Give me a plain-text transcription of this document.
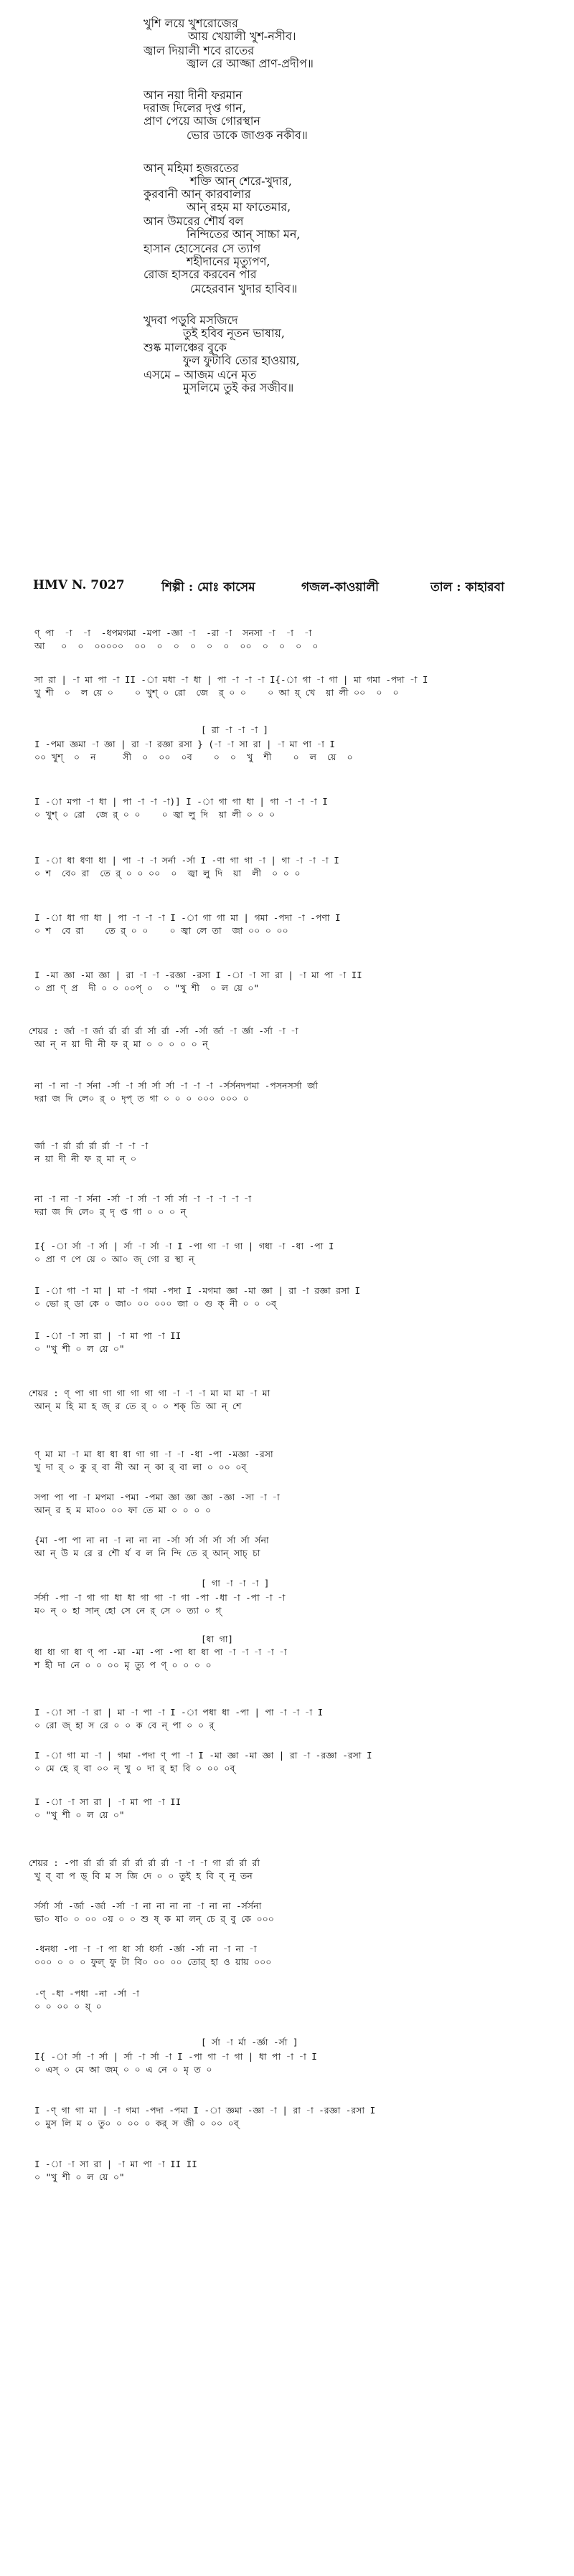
খুশি লয়ে খুশরোজের
আয় খেয়ালী খুশ-নসীব।
জ্বাল দিয়ালী শবে রাতের
জ্বাল রে আজ্জা প্রাণ-প্রদীপ॥
আন নয়া দীনী ফরমান
দরাজ দিলের দৃপ্ত গান,
প্রাণ পেয়ে আজ গোরস্থান
ভোর ডাকে জাগুক নকীব॥
আন্ মহিমা হজরতের
শক্তি আন্ শেরে-খুদার,
কুরবানী আন্ কারবালার
আন্ রহম মা ফাতেমার,
আন উমরের শৌর্য বল
নিন্দিতের আন্ সাচ্চা মন,
হাসান হোসেনের সে ত্যাগ
শহীদানের মৃত্যুপণ,
রোজ হাসরে করবেন পার
মেহেরবান খুদার হাবিব॥
খুদবা পড়ুবি মসজিদে
তুই হবিব নূতন ভাষায়,
শুষ্ক মালঞ্চের বুকে
ফুল ফুটাবি তোর হাওয়ায়,
এসমে – আজম এনে মৃত
মুসলিমে তুই কর সজীব॥
HMV N. 7027	শিল্পী : মোঃ কাসেম	গজল-কাওয়ালী	তাল : কাহারবা
ণ্ পা  -া  -া  -ধপমগমা -মপা -জ্ঞা -া  -রা -া  সনসা -া  -া  -া
আ   ০  ০  ০০০০০  ০০  ০  ০  ০  ০  ০  ০০  ০  ০  ০  ০
সা রা | -া মা পা -া II -া মধা -া ধা | পা -া -া -া I{-া গা -া গা | মা গমা -পদা -া I
খু শী  ০  ল য়ে ০    ০ খুশ্ ০ রো  জে  র্ ০ ০    ০ আ য়্ খে  য়া লী ০০  ০  ০
[ রা -া -া -া ]
I -পমা জ্ঞমা -া জ্ঞা | রা -া রজ্ঞা রসা } (-া -া সা রা | -া মা পা -া I
০০ খুশ্  ০  ন     সী  ০  ০০  ০ব    ০  ০  খু  শী    ০  ল  য়ে  ০
I -া মপা -া ধা | পা -া -া -া)] I -া গা গা ধা | গা -া -া -া I
০ খুশ্ ০ রো  জে র্ ০ ০    ০ জ্বা লু দি  য়া লী ০ ০ ০
I -া ধা ধণা ধা | পা -া -া সর্না -র্সা I -ণা গা গা -া | গা -া -া -া I
০ শ  বে০ রা  তে র্ ০ ০ ০০  ০  জ্বা লু দি  য়া  লী  ০ ০ ০
I -া ধা গা ধা | পা -া -া -া I -া গা গা মা | গমা -পদা -া -পণা I
০ শ  বে রা    তে র্ ০ ০    ০ জ্বা লে তা  জা ০০ ০ ০০
I -মা জ্ঞা -মা জ্ঞা | রা -া -া -রজ্ঞা -রসা I -া -া সা রা | -া মা পা -া II
০ প্রা ণ্ প্র  দী ০ ০ ০০প্ ০  ০ "খু শী  ০ ল য়ে ০"
শেয়র : র্জা -া র্জা র্রা র্রা র্রা র্সা র্রা -র্সা -র্সা র্জা -া র্জ্ঞা -র্সা -া -া
আ ন্ ন য়া দী নী ফ র্ মা ০ ০ ০ ০ ০ ন্
না -া না -া র্সনা -র্সা -া র্সা র্সা র্সা -া -া -া -র্সর্সনদপমা -পসনসর্সা র্জা
দরা জ দি লে০ র্ ০ দৃপ্ ত গা ০ ০ ০ ০০০ ০০০ ০
র্জা -া র্রা র্রা র্রা র্রা -া -া -া
ন য়া দী নী ফ র্ মা ন্ ০
না -া না -া র্সনা -র্সা -া র্সা -া র্সা র্সা -া -া -া -া -া
দরা জ দি লে০ র্ দৃ প্ত গা ০ ০ ০ ন্
I{ -া র্সা -া র্সা | র্সা -া র্সা -া I -পা গা -া গা | গধা -া -ধা -পা I
০ প্রা ণ পে য়ে ০ আ০ জ্ গো র স্থা ন্
I -া গা -া মা | মা -া গমা -পদা I -মগমা জ্ঞা -মা জ্ঞা | রা -া রজ্ঞা রসা I
০ ভো র্ ডা কে ০ জা০ ০০ ০০০ জা ০ গু ক্ নী ০ ০ ০ব্
I -া -া সা রা | -া মা পা -া II
০ "খু শী ০ ল য়ে ০"
শেয়র : ণ্ পা গা গা গা গা গা গা -া -া -া মা মা মা -া মা
আন্ ম হি মা হ জ্ র তে র্ ০ ০ শক্ তি আ ন্ শে
ণ্ মা মা -া মা ধা ধা ধা গা গা -া -া -ধা -পা -মজ্ঞা -রসা
খু দা র্ ০ কু র্ বা নী আ ন্ কা র্ বা লা ০ ০০ ০ব্
সপা পা পা -া মপমা -পমা -পমা জ্ঞা জ্ঞা জ্ঞা -জ্ঞা -সা -া -া
আন্ র হ ম মা০০ ০০ ফা তে মা ০ ০ ০ ০
{মা -পা পা না না -া না না না -র্সা র্সা র্সা র্সা র্সা র্সা র্সনা
আ ন্ উ ম রে র শৌ র্য ব ল নি ন্দি তে র্ আন্ সাচ্ চা
[ গা -া -া -া ]
র্সর্সা -পা -া গা গা ধা ধা গা গা -া গা -পা -ধা -া -পা -া -া
ম০ ন্ ০ হা সান্ হো সে নে র্ সে ০ ত্যা ০ গ্
[ধা গা]
ধা ধা গা ধা ণ্ পা -মা -মা -পা -পা ধা ধা পা -া -া -া -া -া
শ হী দা নে ০ ০ ০০ মৃ ত্যু প ণ্ ০ ০ ০ ০
I -া সা -া রা | মা -া পা -া I -া পধা ধা -পা | পা -া -া -া I
০ রো জ্ হা স রে ০ ০ ক বে ন্ পা ০ ০ র্
I -া গা মা -া | গমা -পদা ণ্ পা -া I -মা জ্ঞা -মা জ্ঞা | রা -া -রজ্ঞা -রসা I
০ মে হে র্ বা ০০ ন্ খু ০ দা র্ হা বি ০ ০০ ০ব্
I -া -া সা রা | -া মা পা -া II
০ "খু শী ০ ল য়ে ০"
শেয়র : -পা র্রা র্রা র্রা র্রা র্রা র্রা র্রা -া -া -া গা র্রা র্রা র্রা
খু ব্ বা প ড়্ বি ম স জি দে ০ ০ তুই হ বি ব্ নূ তন
র্সর্সা র্সা -র্জা -র্জা -র্সা -া না না না না -া না না -র্সর্সনা
ভা০ ষা০ ০ ০০ ০য় ০ ০ শু ষ্ ক মা লন্ চে র্ বু কে ০০০
-ধনধা -পা -া -া পা ধা র্সা ধর্সা -র্জ্ঞা -র্সা না -া না -া
০০০ ০ ০ ০ ফুল্ ফু টা বি০ ০০ ০০ তোর্ হা ও য়ায় ০০০
-ণ্ -ধা -পধা -না -র্সা -া
০ ০ ০০ ০ য়্ ০
[ র্সা -া র্মা -র্জ্ঞা -র্সা ]
I{ -া র্সা -া র্সা | র্সা -া র্সা -া I -পা গা -া গা | ধা পা -া -া I
০ এস্ ০ মে আ জম্ ০ ০ এ নে ০ মৃ ত ০
I -ণ্ গা গা মা | -া গমা -পদা -পমা I -া জ্ঞমা -জ্ঞা -া | রা -া -রজ্ঞা -রসা I
০ মুস লি ম ০ তু০ ০ ০০ ০ কর্ স জী ০ ০০ ০ব্
I -া -া সা রা | -া মা পা -া II II
০ "খু শী ০ ল য়ে ০"
